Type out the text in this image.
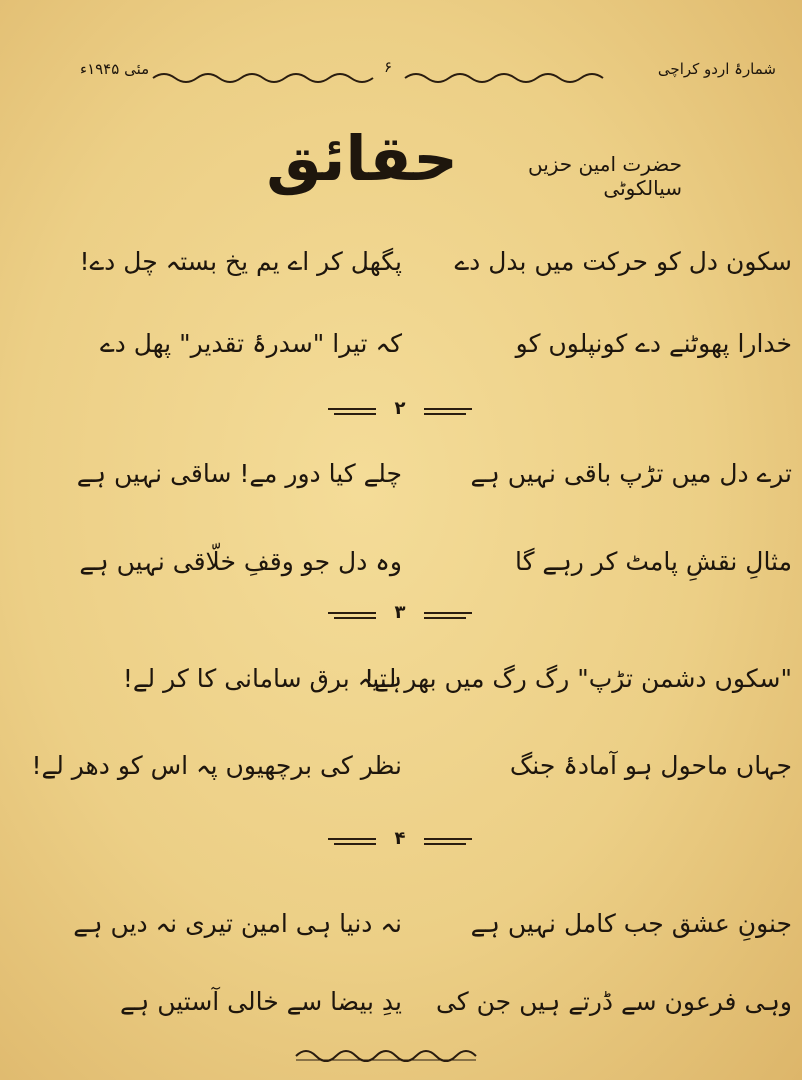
مئی ۱۹۴۵ء	۶	شمارۂ اردو کراچی
حقائق	حضرت امین حزیں سیالکوٹی
سکون دل کو حرکت میں بدل دے
پگھل کر اے یم یخ بستہ چل دے!
خدارا پھوٹنے دے کونپلوں کو
کہ تیرا "سدرۂ تقدیر" پھل دے
۲
ترے دل میں تڑپ باقی نہیں ہے
چلے کیا دور مے! ساقی نہیں ہے
مثالِ نقشِ پامٹ کر رہے گا
وہ دل جو وقفِ خلّاقی نہیں ہے
۳
"سکوں دشمن تڑپ" رگ رگ میں بھر لے!
ہتیہ برق سامانی کا کر لے!
جہاں ماحول ہو آمادۂ جنگ
نظر کی برچھیوں پہ اس کو دھر لے!
۴
جنونِ عشق جب کامل نہیں ہے
نہ دنیا ہی امین تیری نہ دیں ہے
وہی فرعون سے ڈرتے ہیں جن کی
یدِ بیضا سے خالی آستیں ہے
